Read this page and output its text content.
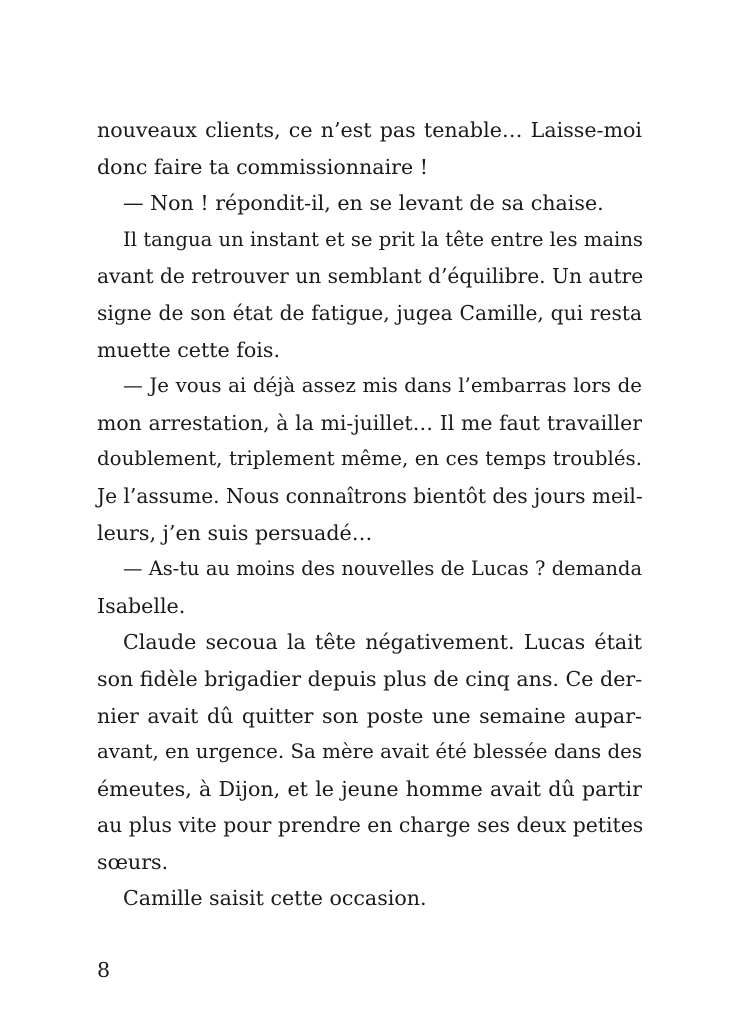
nouveaux clients, ce n’est pas tenable… Laisse-moi
donc faire ta commissionnaire !
— Non ! répondit-il, en se levant de sa chaise.
Il tangua un instant et se prit la tête entre les mains
avant de retrouver un semblant d’équilibre. Un autre
signe de son état de fatigue, jugea Camille, qui resta
muette cette fois.
— Je vous ai déjà assez mis dans l’embarras lors de
mon arrestation, à la mi-juillet… Il me faut travailler
doublement, triplement même, en ces temps troublés.
Je l’assume. Nous connaîtrons bientôt des jours meil-
leurs, j’en suis persuadé…
— As-tu au moins des nouvelles de Lucas ? demanda
Isabelle.
Claude secoua la tête négativement. Lucas était
son fidèle brigadier depuis plus de cinq ans. Ce der-
nier avait dû quitter son poste une semaine aupar-
avant, en urgence. Sa mère avait été blessée dans des
émeutes, à Dijon, et le jeune homme avait dû partir
au plus vite pour prendre en charge ses deux petites
sœurs.
Camille saisit cette occasion.
8
